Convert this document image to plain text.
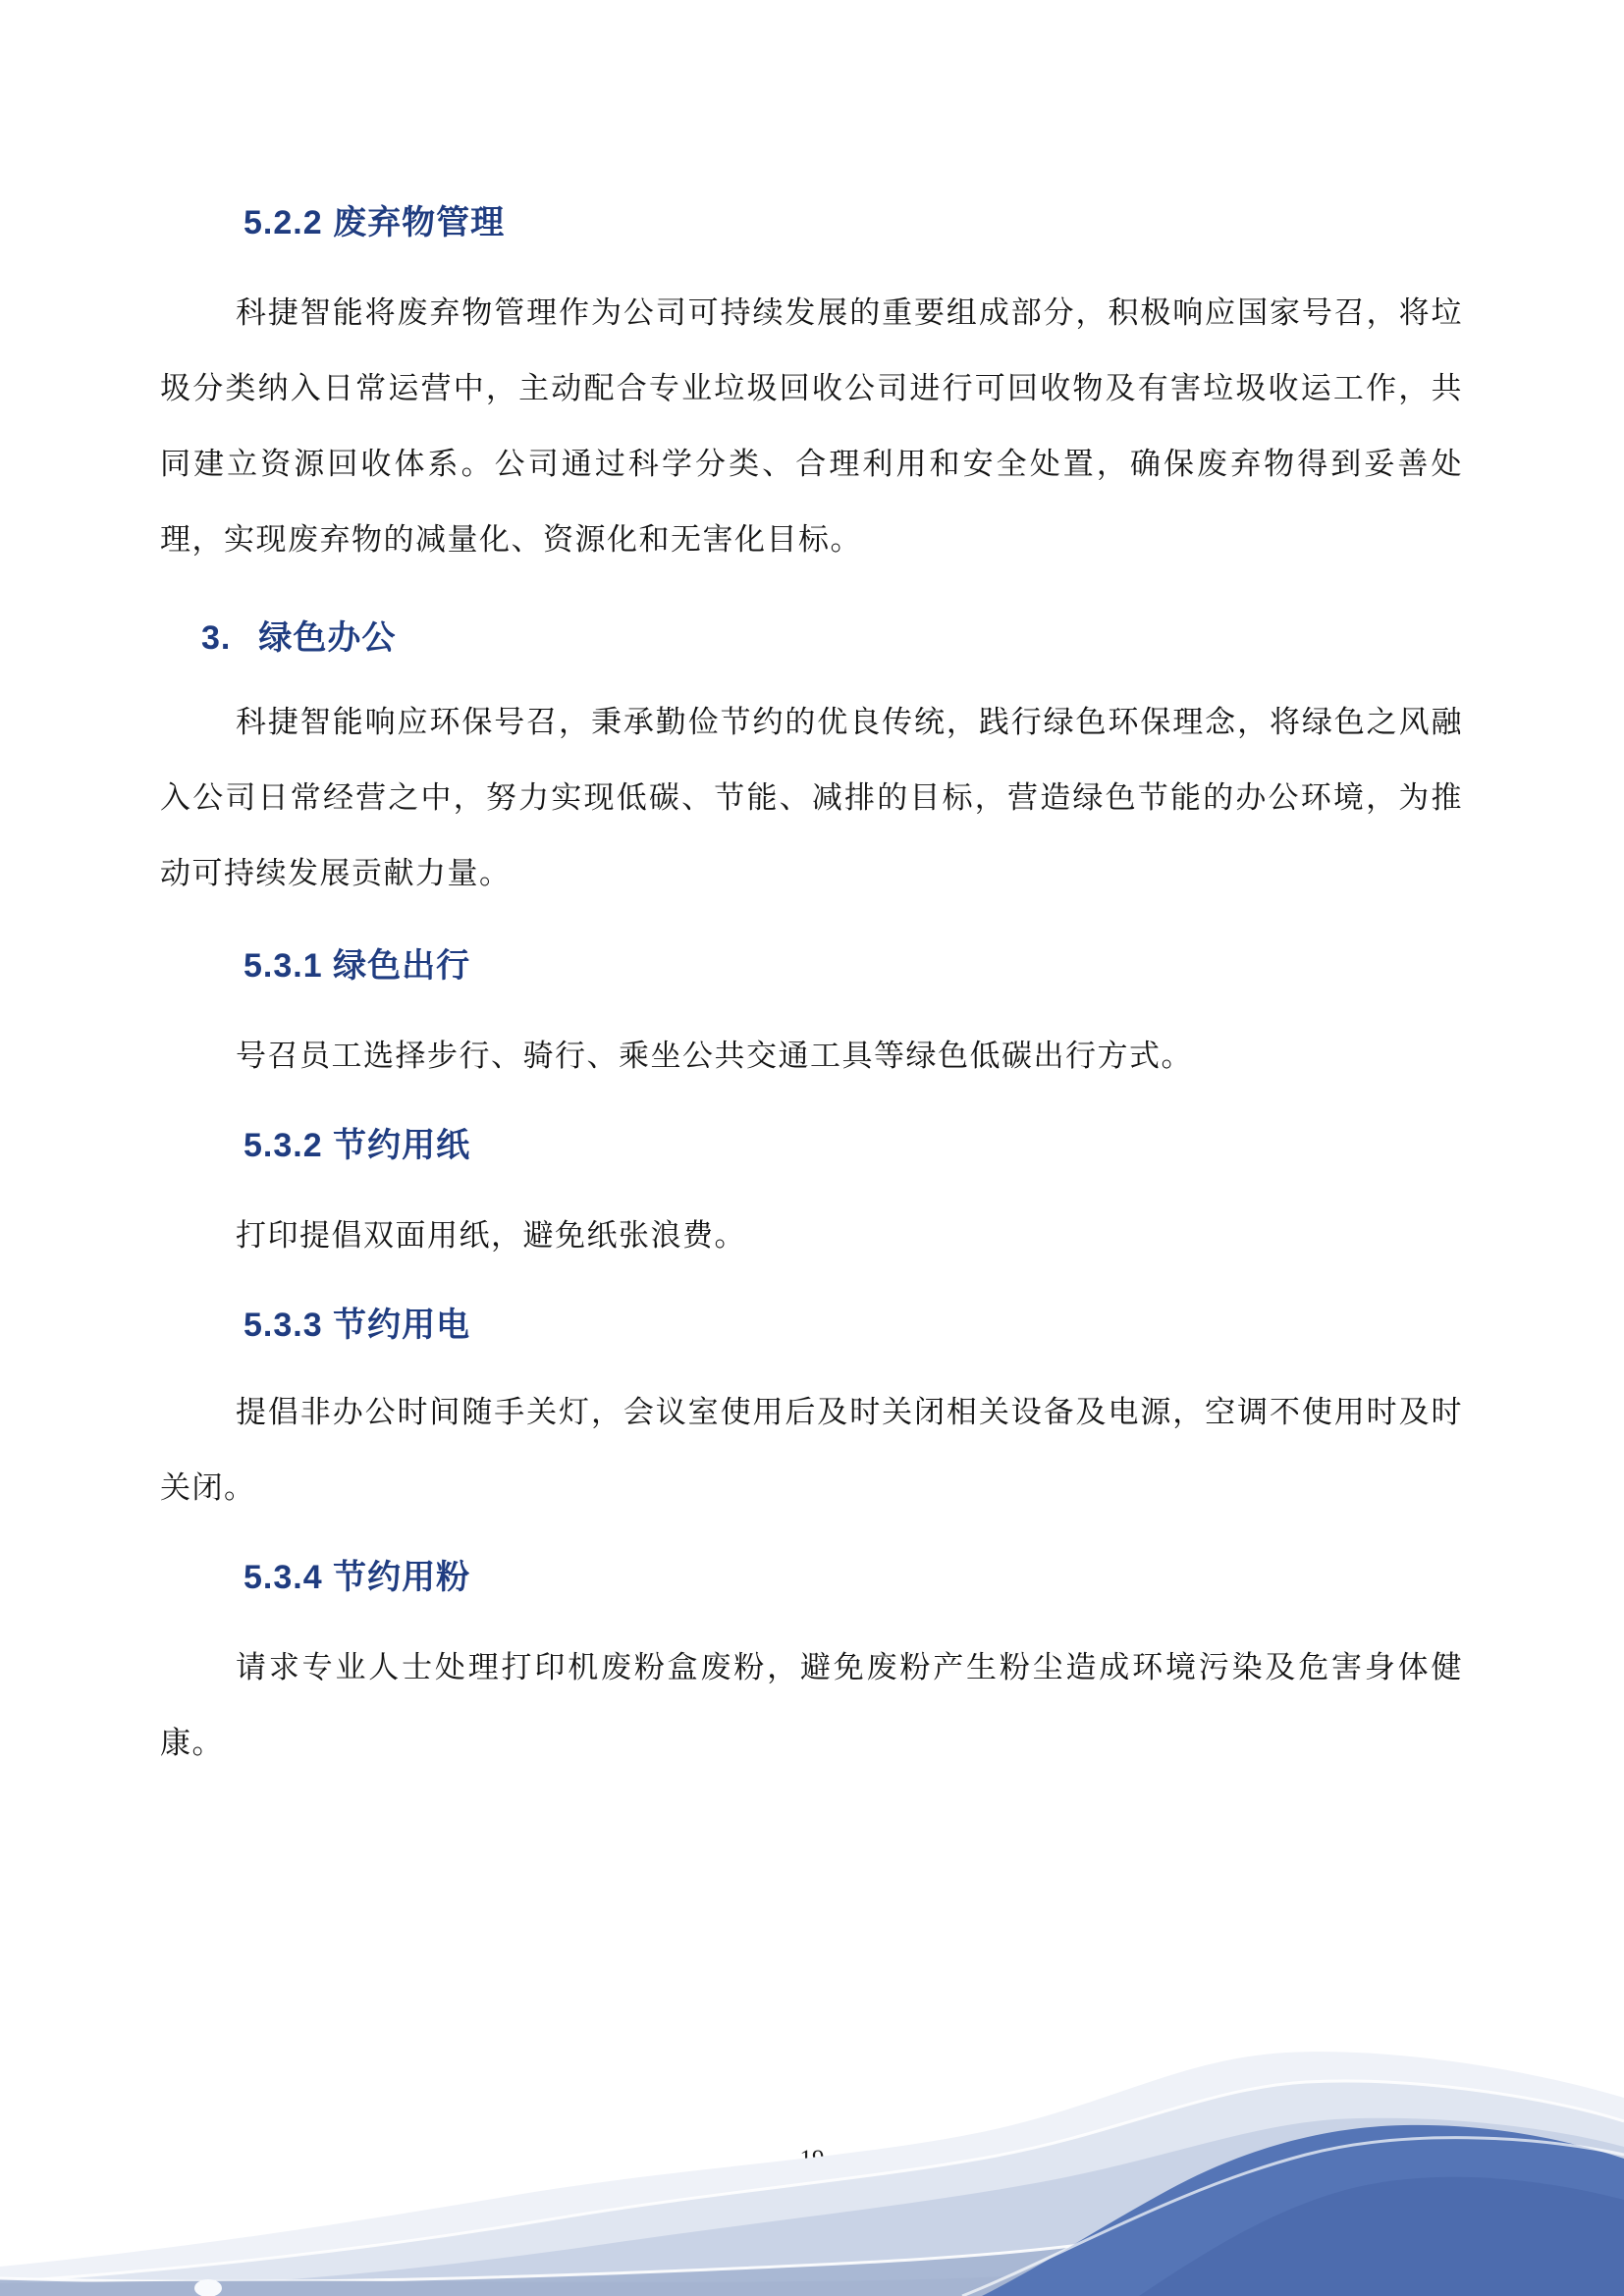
5.2.2 废弃物管理

科捷智能将废弃物管理作为公司可持续发展的重要组成部分，积极响应国家号召，将垃圾分类纳入日常运营中，主动配合专业垃圾回收公司进行可回收物及有害垃圾收运工作，共同建立资源回收体系。公司通过科学分类、合理利用和安全处置，确保废弃物得到妥善处理，实现废弃物的减量化、资源化和无害化目标。

3. 绿色办公

科捷智能响应环保号召，秉承勤俭节约的优良传统，践行绿色环保理念，将绿色之风融入公司日常经营之中，努力实现低碳、节能、减排的目标，营造绿色节能的办公环境，为推动可持续发展贡献力量。

5.3.1 绿色出行

号召员工选择步行、骑行、乘坐公共交通工具等绿色低碳出行方式。

5.3.2 节约用纸

打印提倡双面用纸，避免纸张浪费。

5.3.3 节约用电

提倡非办公时间随手关灯，会议室使用后及时关闭相关设备及电源，空调不使用时及时关闭。

5.3.4 节约用粉

请求专业人士处理打印机废粉盒废粉，避免废粉产生粉尘造成环境污染及危害身体健康。
